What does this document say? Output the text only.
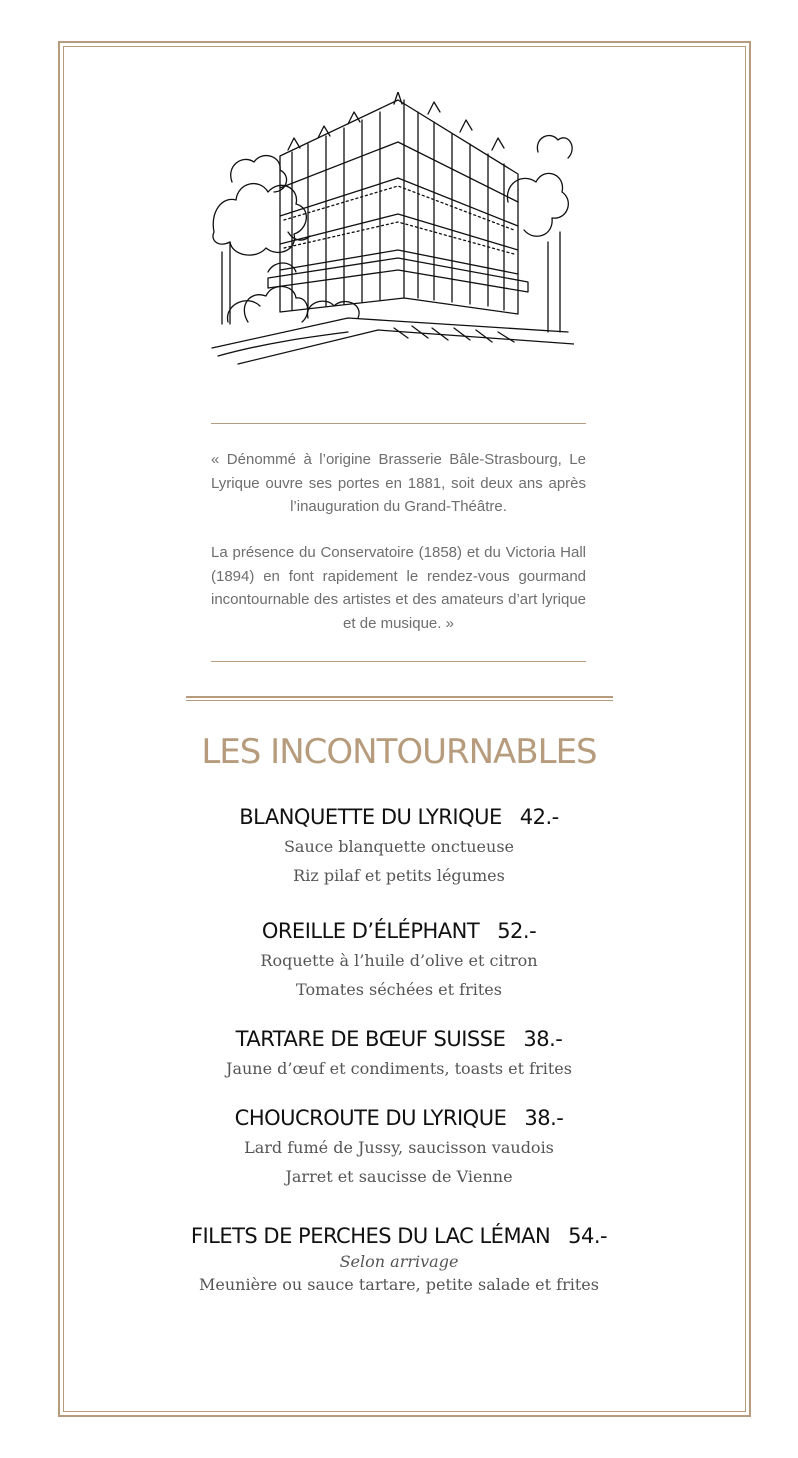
« Dénommé à l’origine Brasserie Bâle-Strasbourg, Le Lyrique ouvre ses portes en 1881, soit deux ans après l’inauguration du Grand-Théâtre.

La présence du Conservatoire (1858) et du Victoria Hall (1894) en font rapidement le rendez-vous gourmand incontournable des artistes et des amateurs d’art lyrique et de musique. »

LES INCONTOURNABLES
BLANQUETTE DU LYRIQUE 42.-
Sauce blanquette onctueuse
Riz pilaf et petits légumes
OREILLE D’ÉLÉPHANT 52.-
Roquette à l’huile d’olive et citron
Tomates séchées et frites
TARTARE DE BŒUF SUISSE 38.-
Jaune d’œuf et condiments, toasts et frites
CHOUCROUTE DU LYRIQUE 38.-
Lard fumé de Jussy, saucisson vaudois
Jarret et saucisse de Vienne
FILETS DE PERCHES DU LAC LÉMAN 54.-
Selon arrivage
Meunière ou sauce tartare, petite salade et frites
